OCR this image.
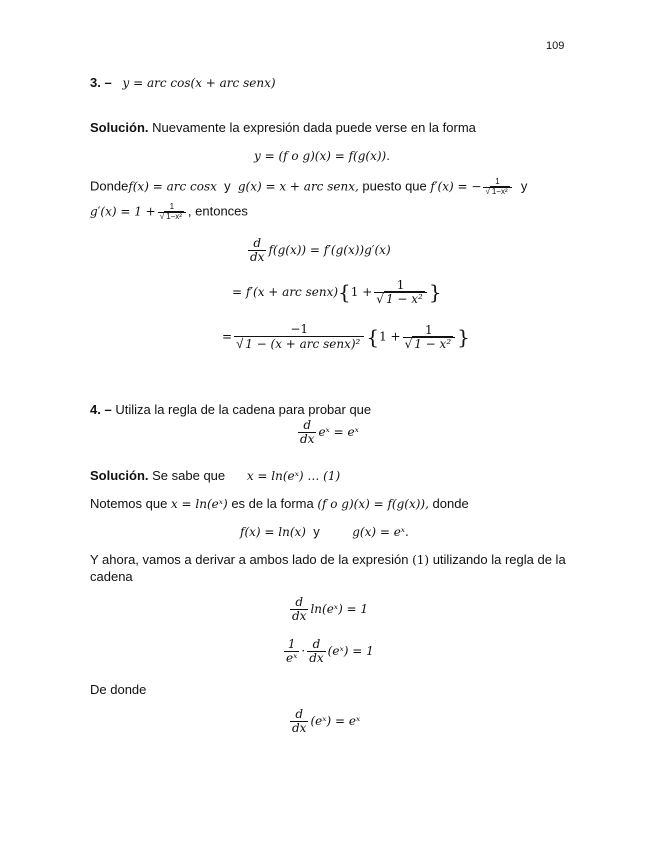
109
3. – y = arc cos(x + arc senx)
Solución. Nuevamente la expresión dada puede verse en la forma
y = (f o g)(x) = f(g(x)).
Dondef(x) = arc cosx y g(x) = x + arc senx, puesto que f′(x) = − $\frac{1}{\text{√ 1−x²}}$ y
$g'(x) = 1 + \frac{1}{\text{√ 1−x²}}$ , entonces
$\frac{d}{dx} f(g(x)) = f'(g(x))g'(x)$
= f′(x + arc senx){1 + $\frac{1}{\text{√ 1 − x²}}$ }
= $\frac{-1}{\text{√ 1 − (x + arc senx)²}} \{1 + \frac{1}{\text{√ 1 − x²}}$ }
4. – Utiliza la regla de la cadena para probar que
$\frac{d}{dx}$ eˣ = eˣ
Solución. Se sabe que x = ln(eˣ) … (1)
Notemos que x = ln(eˣ) es de la forma (f o g)(x) = f(g(x)), donde
f(x) = ln(x) y	g(x) = eˣ.
Y ahora, vamos a derivar a ambos lado de la expresión (1) utilizando la regla de la
cadena
$\frac{d}{dx}$ ln(eˣ) = 1
$\frac{1}{\text{eˣ}} \cdot \frac{d}{dx}$ (eˣ) = 1
De donde
$\frac{d}{dx}$ (eˣ) = eˣ
